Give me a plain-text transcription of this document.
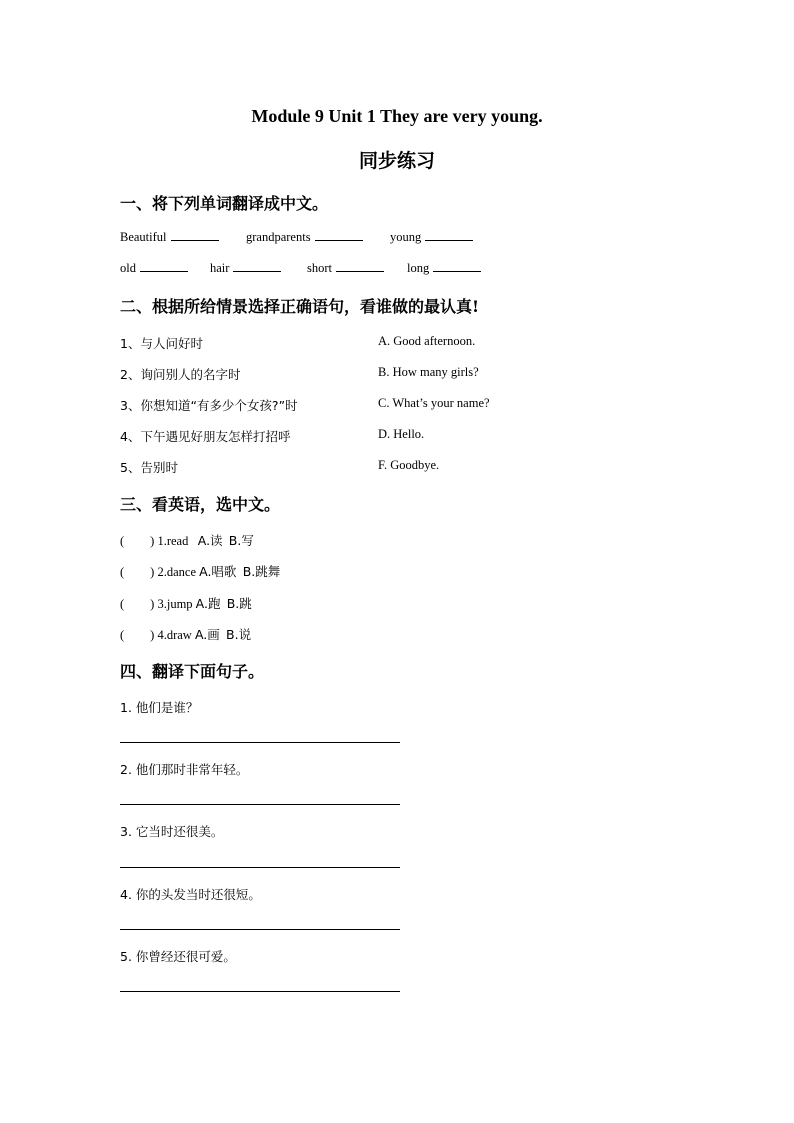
Module 9 Unit 1 They are very young.
同步练习
一、将下列单词翻译成中文。
Beautiful	grandparents	young
old	hair	short	long
二、根据所给情景选择正确语句，看谁做的最认真!
1、与人问好时
2、询问别人的名字时
3、你想知道“有多少个女孩?”时
4、下午遇见好朋友怎样打招呼
5、告别时
A. Good afternoon.
B. How many girls?
C. What’s your name?
D. Hello.
F. Goodbye.
三、看英语，选中文。
( ) 1.read A.读 B.写
( ) 2.dance A.唱歌 B.跳舞
( ) 3.jump A.跑 B.跳
( ) 4.draw A.画 B.说
四、翻译下面句子。
1. 他们是谁？
2. 他们那时非常年轻。
3. 它当时还很美。
4. 你的头发当时还很短。
5. 你曾经还很可爱。
